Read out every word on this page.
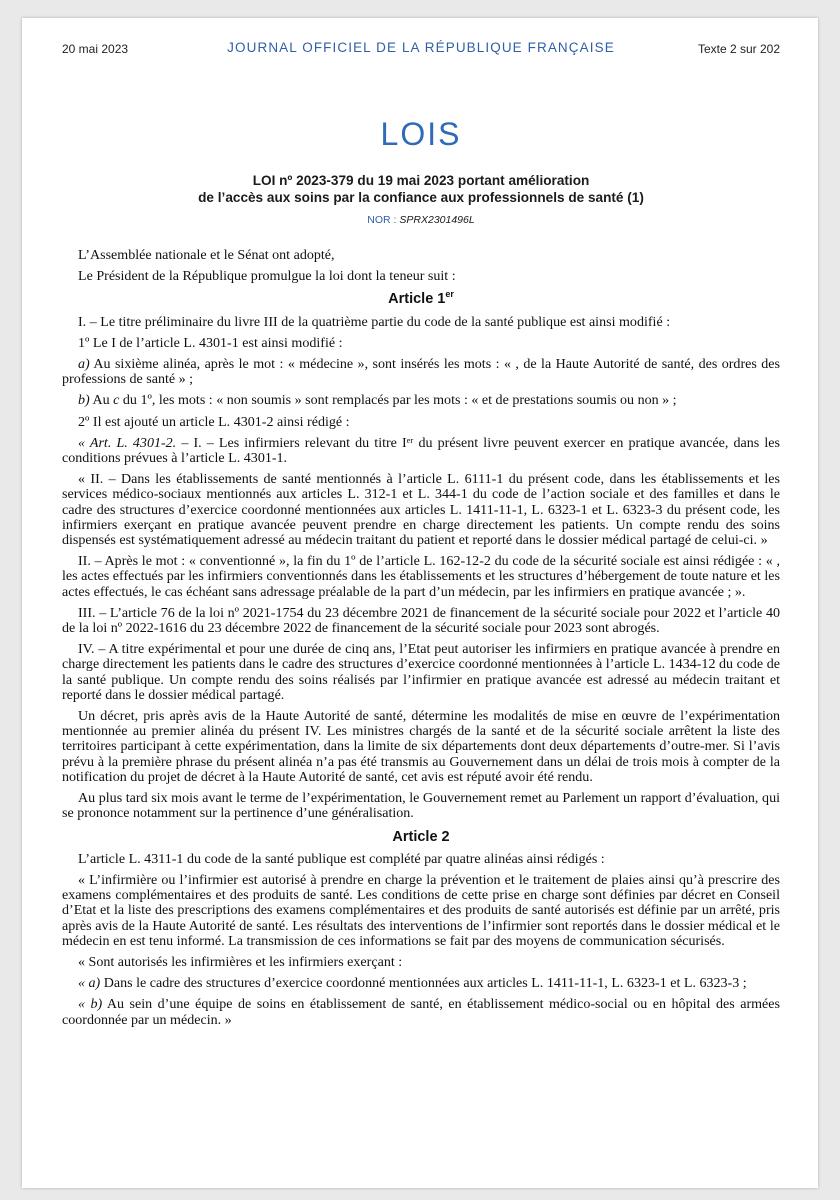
20 mai 2023	JOURNAL OFFICIEL DE LA RÉPUBLIQUE FRANÇAISE	Texte 2 sur 202
LOIS
LOI nº 2023-379 du 19 mai 2023 portant amélioration
de l’accès aux soins par la confiance aux professionnels de santé (1)
NOR : SPRX2301496L

L’Assemblée nationale et le Sénat ont adopté,

Le Président de la République promulgue la loi dont la teneur suit :

Article 1er

I. – Le titre préliminaire du livre III de la quatrième partie du code de la santé publique est ainsi modifié :

1º Le I de l’article L. 4301-1 est ainsi modifié :

a) Au sixième alinéa, après le mot : « médecine », sont insérés les mots : « , de la Haute Autorité de santé, des ordres des professions de santé » ;

b) Au c du 1º, les mots : « non soumis » sont remplacés par les mots : « et de prestations soumis ou non » ;

2º Il est ajouté un article L. 4301-2 ainsi rédigé :

« Art. L. 4301-2. – I. – Les infirmiers relevant du titre Iᵉʳ du présent livre peuvent exercer en pratique avancée, dans les conditions prévues à l’article L. 4301-1.

« II. – Dans les établissements de santé mentionnés à l’article L. 6111-1 du présent code, dans les établissements et les services médico-sociaux mentionnés aux articles L. 312-1 et L. 344-1 du code de l’action sociale et des familles et dans le cadre des structures d’exercice coordonné mentionnées aux articles L. 1411-11-1, L. 6323-1 et L. 6323-3 du présent code, les infirmiers exerçant en pratique avancée peuvent prendre en charge directement les patients. Un compte rendu des soins dispensés est systématiquement adressé au médecin traitant du patient et reporté dans le dossier médical partagé de celui-ci. »

II. – Après le mot : « conventionné », la fin du 1º de l’article L. 162-12-2 du code de la sécurité sociale est ainsi rédigée : « , les actes effectués par les infirmiers conventionnés dans les établissements et les structures d’hébergement de toute nature et les actes effectués, le cas échéant sans adressage préalable de la part d’un médecin, par les infirmiers en pratique avancée ; ».

III. – L’article 76 de la loi nº 2021-1754 du 23 décembre 2021 de financement de la sécurité sociale pour 2022 et l’article 40 de la loi nº 2022-1616 du 23 décembre 2022 de financement de la sécurité sociale pour 2023 sont abrogés.

IV. – A titre expérimental et pour une durée de cinq ans, l’Etat peut autoriser les infirmiers en pratique avancée à prendre en charge directement les patients dans le cadre des structures d’exercice coordonné mentionnées à l’article L. 1434-12 du code de la santé publique. Un compte rendu des soins réalisés par l’infirmier en pratique avancée est adressé au médecin traitant et reporté dans le dossier médical partagé.

Un décret, pris après avis de la Haute Autorité de santé, détermine les modalités de mise en œuvre de l’expérimentation mentionnée au premier alinéa du présent IV. Les ministres chargés de la santé et de la sécurité sociale arrêtent la liste des territoires participant à cette expérimentation, dans la limite de six départements dont deux départements d’outre-mer. Si l’avis prévu à la première phrase du présent alinéa n’a pas été transmis au Gouvernement dans un délai de trois mois à compter de la notification du projet de décret à la Haute Autorité de santé, cet avis est réputé avoir été rendu.

Au plus tard six mois avant le terme de l’expérimentation, le Gouvernement remet au Parlement un rapport d’évaluation, qui se prononce notamment sur la pertinence d’une généralisation.

Article 2

L’article L. 4311-1 du code de la santé publique est complété par quatre alinéas ainsi rédigés :

« L’infirmière ou l’infirmier est autorisé à prendre en charge la prévention et le traitement de plaies ainsi qu’à prescrire des examens complémentaires et des produits de santé. Les conditions de cette prise en charge sont définies par décret en Conseil d’Etat et la liste des prescriptions des examens complémentaires et des produits de santé autorisés est définie par un arrêté, pris après avis de la Haute Autorité de santé. Les résultats des interventions de l’infirmier sont reportés dans le dossier médical et le médecin en est tenu informé. La transmission de ces informations se fait par des moyens de communication sécurisés.

« Sont autorisés les infirmières et les infirmiers exerçant :

« a) Dans le cadre des structures d’exercice coordonné mentionnées aux articles L. 1411-11-1, L. 6323-1 et L. 6323-3 ;

« b) Au sein d’une équipe de soins en établissement de santé, en établissement médico-social ou en hôpital des armées coordonnée par un médecin. »
